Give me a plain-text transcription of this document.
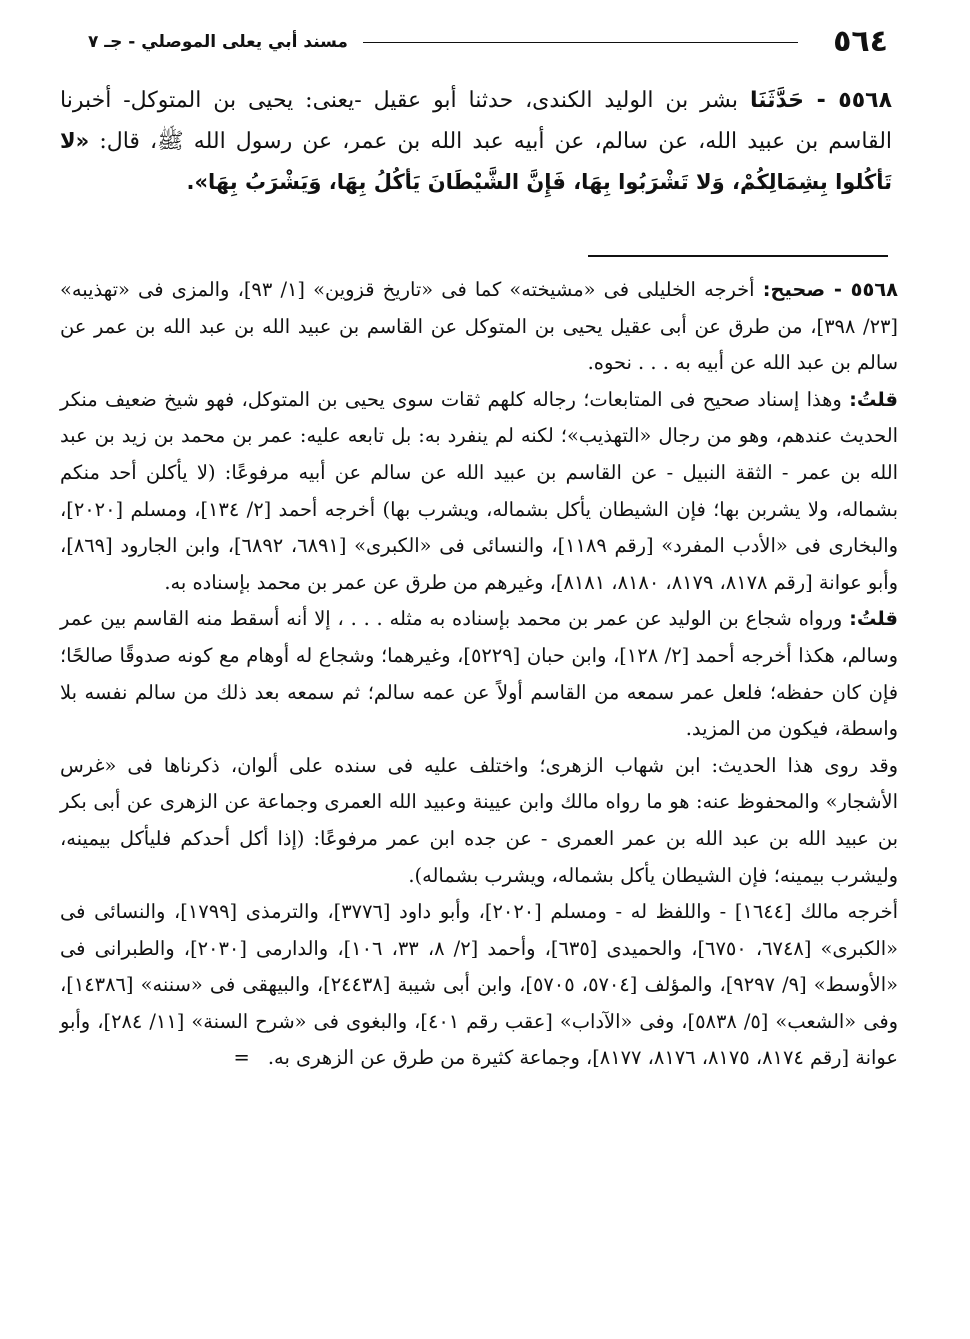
٥٦٤
مسند أبي يعلى الموصلي - جـ ٧
٥٥٦٨ - حَدَّثَنَا بشر بن الوليد الكندى، حدثنا أبو عقيل -يعنى: يحيى بن المتوكل- أخبرنا القاسم بن عبيد الله، عن سالم، عن أبيه عبد الله بن عمر، عن رسول الله ﷺ، قال: «لا تَأكُلوا بِشِمَالِكُمْ، وَلا تَشْرَبُوا بِهَا، فَإِنَّ الشَّيْطَانَ يَأكُلُ بِهَا، وَيَشْرَبُ بِهَا».

٥٥٦٨ - صحيح: أخرجه الخليلى فى «مشيخته» كما فى «تاريخ قزوين» [١/ ٩٣]، والمزى فى «تهذيبه» [٢٣/ ٣٩٨]، من طرق عن أبى عقيل يحيى بن المتوكل عن القاسم بن عبيد الله بن عبد الله بن عمر عن سالم بن عبد الله عن أبيه به . . . نحوه.

قلتُ: وهذا إسناد صحيح فى المتابعات؛ رجاله كلهم ثقات سوى يحيى بن المتوكل، فهو شيخ ضعيف منكر الحديث عندهم، وهو من رجال «التهذيب»؛ لكنه لم ينفرد به: بل تابعه عليه: عمر بن محمد بن زيد بن عبد الله بن عمر - الثقة النبيل - عن القاسم بن عبيد الله عن سالم عن أبيه مرفوعًا: (لا يأكلن أحد منكم بشماله، ولا يشربن بها؛ فإن الشيطان يأكل بشماله، ويشرب بها) أخرجه أحمد [٢/ ١٣٤]، ومسلم [٢٠٢٠]، والبخارى فى «الأدب المفرد» [رقم ١١٨٩]، والنسائى فى «الكبرى» [٦٨٩١، ٦٨٩٢]، وابن الجارود [٨٦٩]، وأبو عوانة [رقم ٨١٧٨، ٨١٧٩، ٨١٨٠، ٨١٨١]، وغيرهم من طرق عن عمر بن محمد بإسناده به.

قلتُ: ورواه شجاع بن الوليد عن عمر بن محمد بإسناده به مثله . . . ، إلا أنه أسقط منه القاسم بين عمر وسالم، هكذا أخرجه أحمد [٢/ ١٢٨]، وابن حبان [٥٢٢٩]، وغيرهما؛ وشجاع له أوهام مع كونه صدوقًا صالحًا؛ فإن كان حفظه؛ فلعل عمر سمعه من القاسم أولاً عن عمه سالم؛ ثم سمعه بعد ذلك من سالم نفسه بلا واسطة، فيكون من المزيد.

وقد روى هذا الحديث: ابن شهاب الزهرى؛ واختلف عليه فى سنده على ألوان، ذكرناها فى «غرس الأشجار» والمحفوظ عنه: هو ما رواه مالك وابن عيينة وعبيد الله العمرى وجماعة عن الزهرى عن أبى بكر بن عبيد الله بن عبد الله بن عمر العمرى - عن جده ابن عمر مرفوعًا: (إذا أكل أحدكم فليأكل بيمينه، وليشرب بيمينه؛ فإن الشيطان يأكل بشماله، ويشرب بشماله).

أخرجه مالك [١٦٤٤] - واللفظ له - ومسلم [٢٠٢٠]، وأبو داود [٣٧٧٦]، والترمذى [١٧٩٩]، والنسائى فى «الكبرى» [٦٧٤٨، ٦٧٥٠]، والحميدى [٦٣٥]، وأحمد [٢/ ٨، ٣٣، ١٠٦]، والدارمى [٢٠٣٠]، والطبرانى فى «الأوسط» [٩/ ٩٢٩٧]، والمؤلف [٥٧٠٤، ٥٧٠٥]، وابن أبى شيبة [٢٤٤٣٨]، والبيهقى فى «سننه» [١٤٣٨٦]، وفى «الشعب» [٥/ ٥٨٣٨]، وفى «الآداب» [عقب رقم ٤٠١]، والبغوى فى «شرح السنة» [١١/ ٢٨٤]، وأبو عوانة [رقم ٨١٧٤، ٨١٧٥، ٨١٧٦، ٨١٧٧]، وجماعة كثيرة من طرق عن الزهرى به. =
